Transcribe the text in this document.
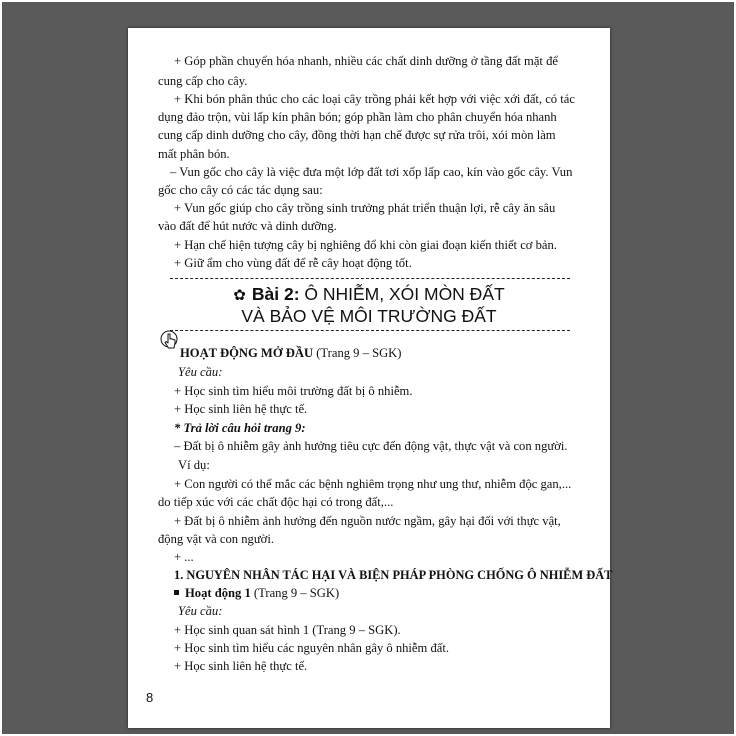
+ Góp phần chuyển hóa nhanh, nhiều các chất dinh dưỡng ở tầng đất mặt để
cung cấp cho cây.
+ Khi bón phân thúc cho các loại cây trồng phải kết hợp với việc xới đất, có tác
dụng đảo trộn, vùi lấp kín phân bón; góp phần làm cho phân chuyển hóa nhanh
cung cấp dinh dưỡng cho cây, đồng thời hạn chế được sự rửa trôi, xói mòn làm
mất phân bón.
– Vun gốc cho cây là việc đưa một lớp đất tơi xốp lấp cao, kín vào gốc cây. Vun
gốc cho cây có các tác dụng sau:
+ Vun gốc giúp cho cây trồng sinh trưởng phát triển thuận lợi, rễ cây ăn sâu
vào đất để hút nước và dinh dưỡng.
+ Hạn chế hiện tượng cây bị nghiêng đổ khi còn giai đoạn kiến thiết cơ bản.
+ Giữ ẩm cho vùng đất để rễ cây hoạt động tốt.
✿ Bài 2: Ô NHIỄM, XÓI MÒN ĐẤT
VÀ BẢO VỆ MÔI TRƯỜNG ĐẤT
HOẠT ĐỘNG MỞ ĐẦU (Trang 9 – SGK)
Yêu cầu:
+ Học sinh tìm hiểu môi trường đất bị ô nhiễm.
+ Học sinh liên hệ thực tế.
* Trả lời câu hỏi trang 9:
– Đất bị ô nhiễm gây ảnh hưởng tiêu cực đến động vật, thực vật và con người.
Ví dụ:
+ Con người có thể mắc các bệnh nghiêm trọng như ung thư, nhiễm độc gan,...
do tiếp xúc với các chất độc hại có trong đất,...
+ Đất bị ô nhiễm ảnh hưởng đến nguồn nước ngầm, gây hại đối với thực vật,
động vật và con người.
+ ...
1. NGUYÊN NHÂN TÁC HẠI VÀ BIỆN PHÁP PHÒNG CHỐNG Ô NHIỄM ĐẤT
Hoạt động 1 (Trang 9 – SGK)
Yêu cầu:
+ Học sinh quan sát hình 1 (Trang 9 – SGK).
+ Học sinh tìm hiểu các nguyên nhân gây ô nhiễm đất.
+ Học sinh liên hệ thực tế.
8
